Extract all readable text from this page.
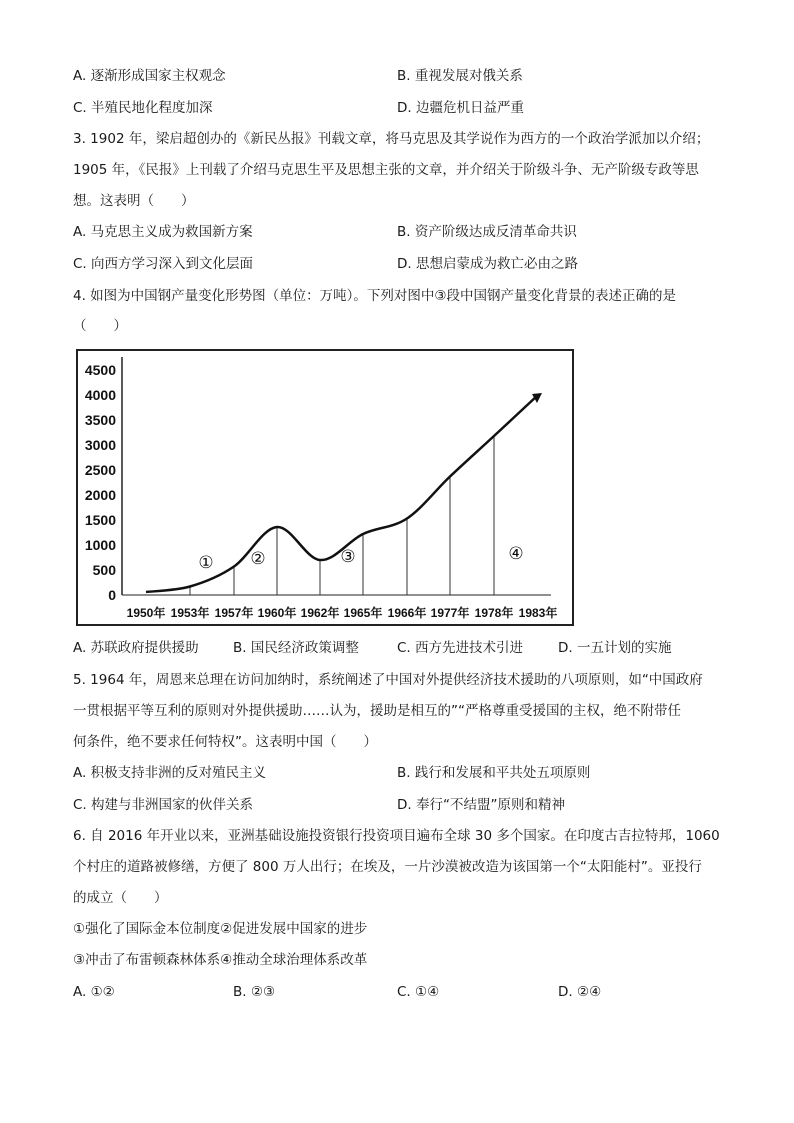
A. 逐渐形成国家主权观念	B. 重视发展对俄关系
C. 半殖民地化程度加深	D. 边疆危机日益严重
3. 1902 年，梁启超创办的《新民丛报》刊载文章，将马克思及其学说作为西方的一个政治学派加以介绍；
1905 年，《民报》上刊载了介绍马克思生平及思想主张的文章，并介绍关于阶级斗争、无产阶级专政等思
想。这表明（　　）
A. 马克思主义成为救国新方案	B. 资产阶级达成反清革命共识
C. 向西方学习深入到文化层面	D. 思想启蒙成为救亡必由之路
4. 如图为中国钢产量变化形势图（单位：万吨）。下列对图中③段中国钢产量变化背景的表述正确的是
（　　）
0
500
1000
1500
2000
2500
3000
3500
4000
4500
1950年 1953年 1957年 1960年 1962年 1965年 1966年 1977年 1978年 1983年
① ②	③	④
A. 苏联政府提供援助	B. 国民经济政策调整	C. 西方先进技术引进	D. 一五计划的实施
5. 1964 年，周恩来总理在访问加纳时，系统阐述了中国对外提供经济技术援助的八项原则，如“中国政府
一贯根据平等互利的原则对外提供援助……认为，援助是相互的”“严格尊重受援国的主权，绝不附带任
何条件，绝不要求任何特权”。这表明中国（　　）
A. 积极支持非洲的反对殖民主义	B. 践行和发展和平共处五项原则
C. 构建与非洲国家的伙伴关系	D. 奉行“不结盟”原则和精神
6. 自 2016 年开业以来，亚洲基础设施投资银行投资项目遍布全球 30 多个国家。在印度古吉拉特邦，1060
个村庄的道路被修缮，方便了 800 万人出行；在埃及，一片沙漠被改造为该国第一个“太阳能村”。亚投行
的成立（　　）
①强化了国际金本位制度②促进发展中国家的进步
③冲击了布雷顿森林体系④推动全球治理体系改革
A. ①②	B. ②③	C. ①④	D. ②④
